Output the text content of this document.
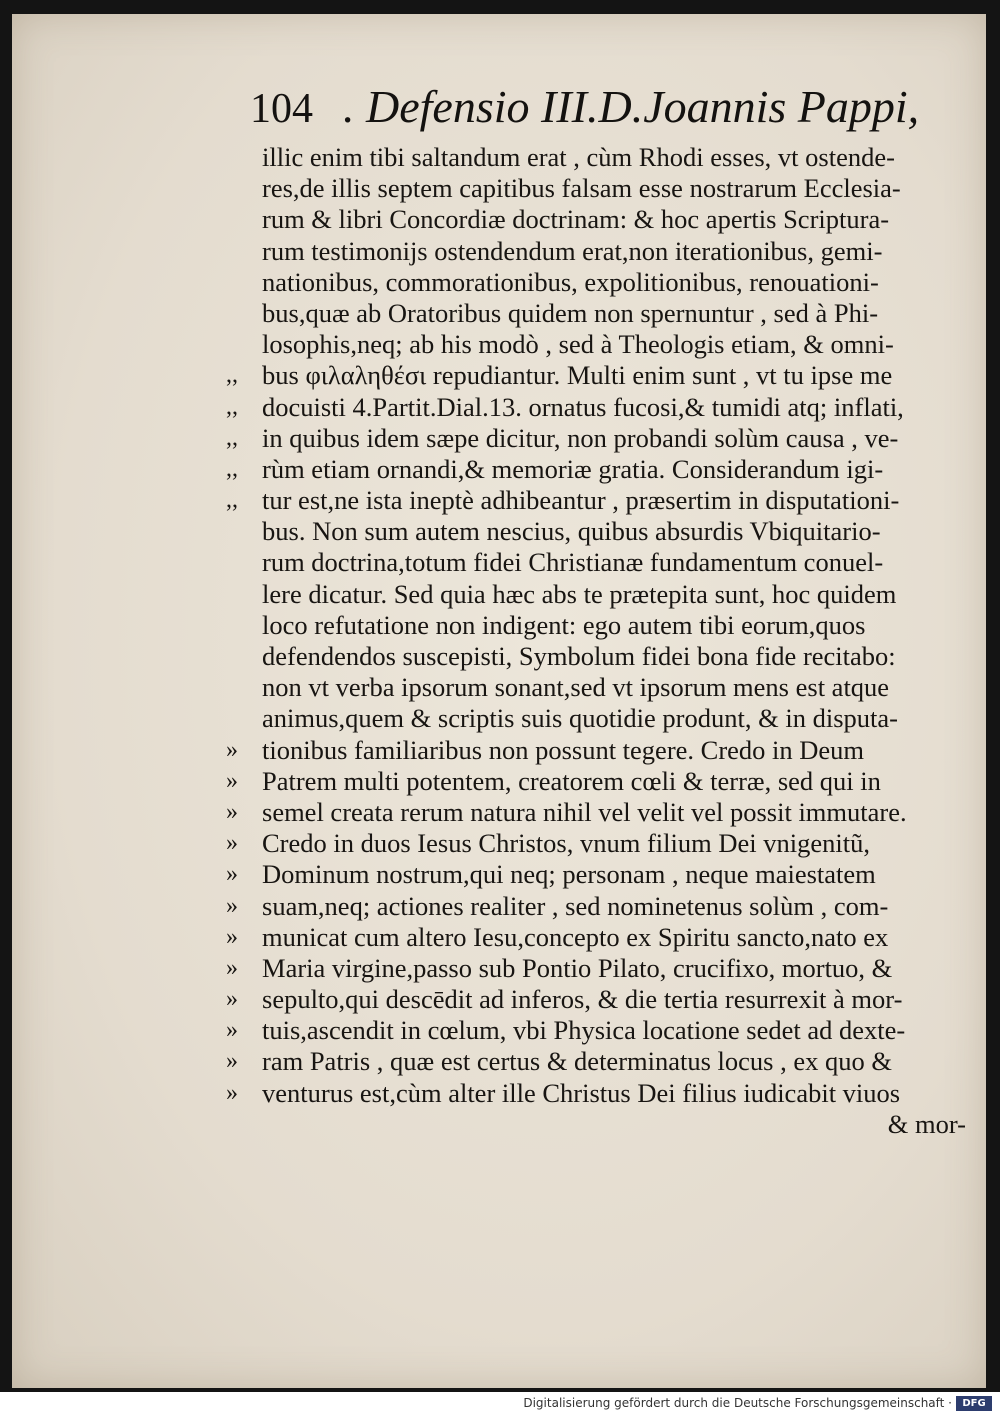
104 . Defensio III.D.Joannis Pappi,
,,
,,
,,
,,
,,
»
»
»
»
»
»
»
»
»
»
»
»
illic enim tibi saltandum erat , cùm Rhodi esses, vt ostende-
res,de illis septem capitibus falsam esse nostrarum Ecclesia-
rum & libri Concordiæ doctrinam: & hoc apertis Scriptura-
rum testimonijs ostendendum erat,non iterationibus, gemi-
nationibus, commorationibus, expolitionibus, renouationi-
bus,quæ ab Oratoribus quidem non spernuntur , sed à Phi-
losophis,neq; ab his modò , sed à Theologis etiam, & omni-
bus φιλαληθέσι repudiantur. Multi enim sunt , vt tu ipse me
docuisti 4.Partit.Dial.13. ornatus fucosi,& tumidi atq; inflati,
in quibus idem sæpe dicitur, non probandi solùm causa , ve-
rùm etiam ornandi,& memoriæ gratia. Considerandum igi-
tur est,ne ista ineptè adhibeantur , præsertim in disputationi-
bus. Non sum autem nescius, quibus absurdis Vbiquitario-
rum doctrina,totum fidei Christianæ fundamentum conuel-
lere dicatur. Sed quia hæc abs te prætерita sunt, hoc quidem
loco refutatione non indigent: ego autem tibi eorum,quos
defendendos suscepisti, Symbolum fidei bona fide recitabo:
non vt verba ipsorum sonant,sed vt ipsorum mens est atque
animus,quem & scriptis suis quotidie produnt, & in disputa-
tionibus familiaribus non possunt tegere. Credo in Deum
Patrem multi potentem, creatorem cœli & terræ, sed qui in
semel creata rerum natura nihil vel velit vel possit immutare.
Credo in duos Iesus Christos, vnum filium Dei vnigenitũ,
Dominum nostrum,qui neq; personam , neque maiestatem
suam,neq; actiones realiter , sed nominetenus solùm , com-
municat cum altero Iesu,concepto ex Spiritu sancto,nato ex
Maria virgine,passo sub Pontio Pilato, crucifixo, mortuo, &
sepulto,qui descēdit ad inferos, & die tertia resurrexit à mor-
tuis,ascendit in cœlum, vbi Physica locatione sedet ad dexte-
ram Patris , quæ est certus & determinatus locus , ex quo &
venturus est,cùm alter ille Christus Dei filius iudicabit viuos
& mor-
Digitalisierung gefördert durch die Deutsche Forschungsgemeinschaft ·	DFG
